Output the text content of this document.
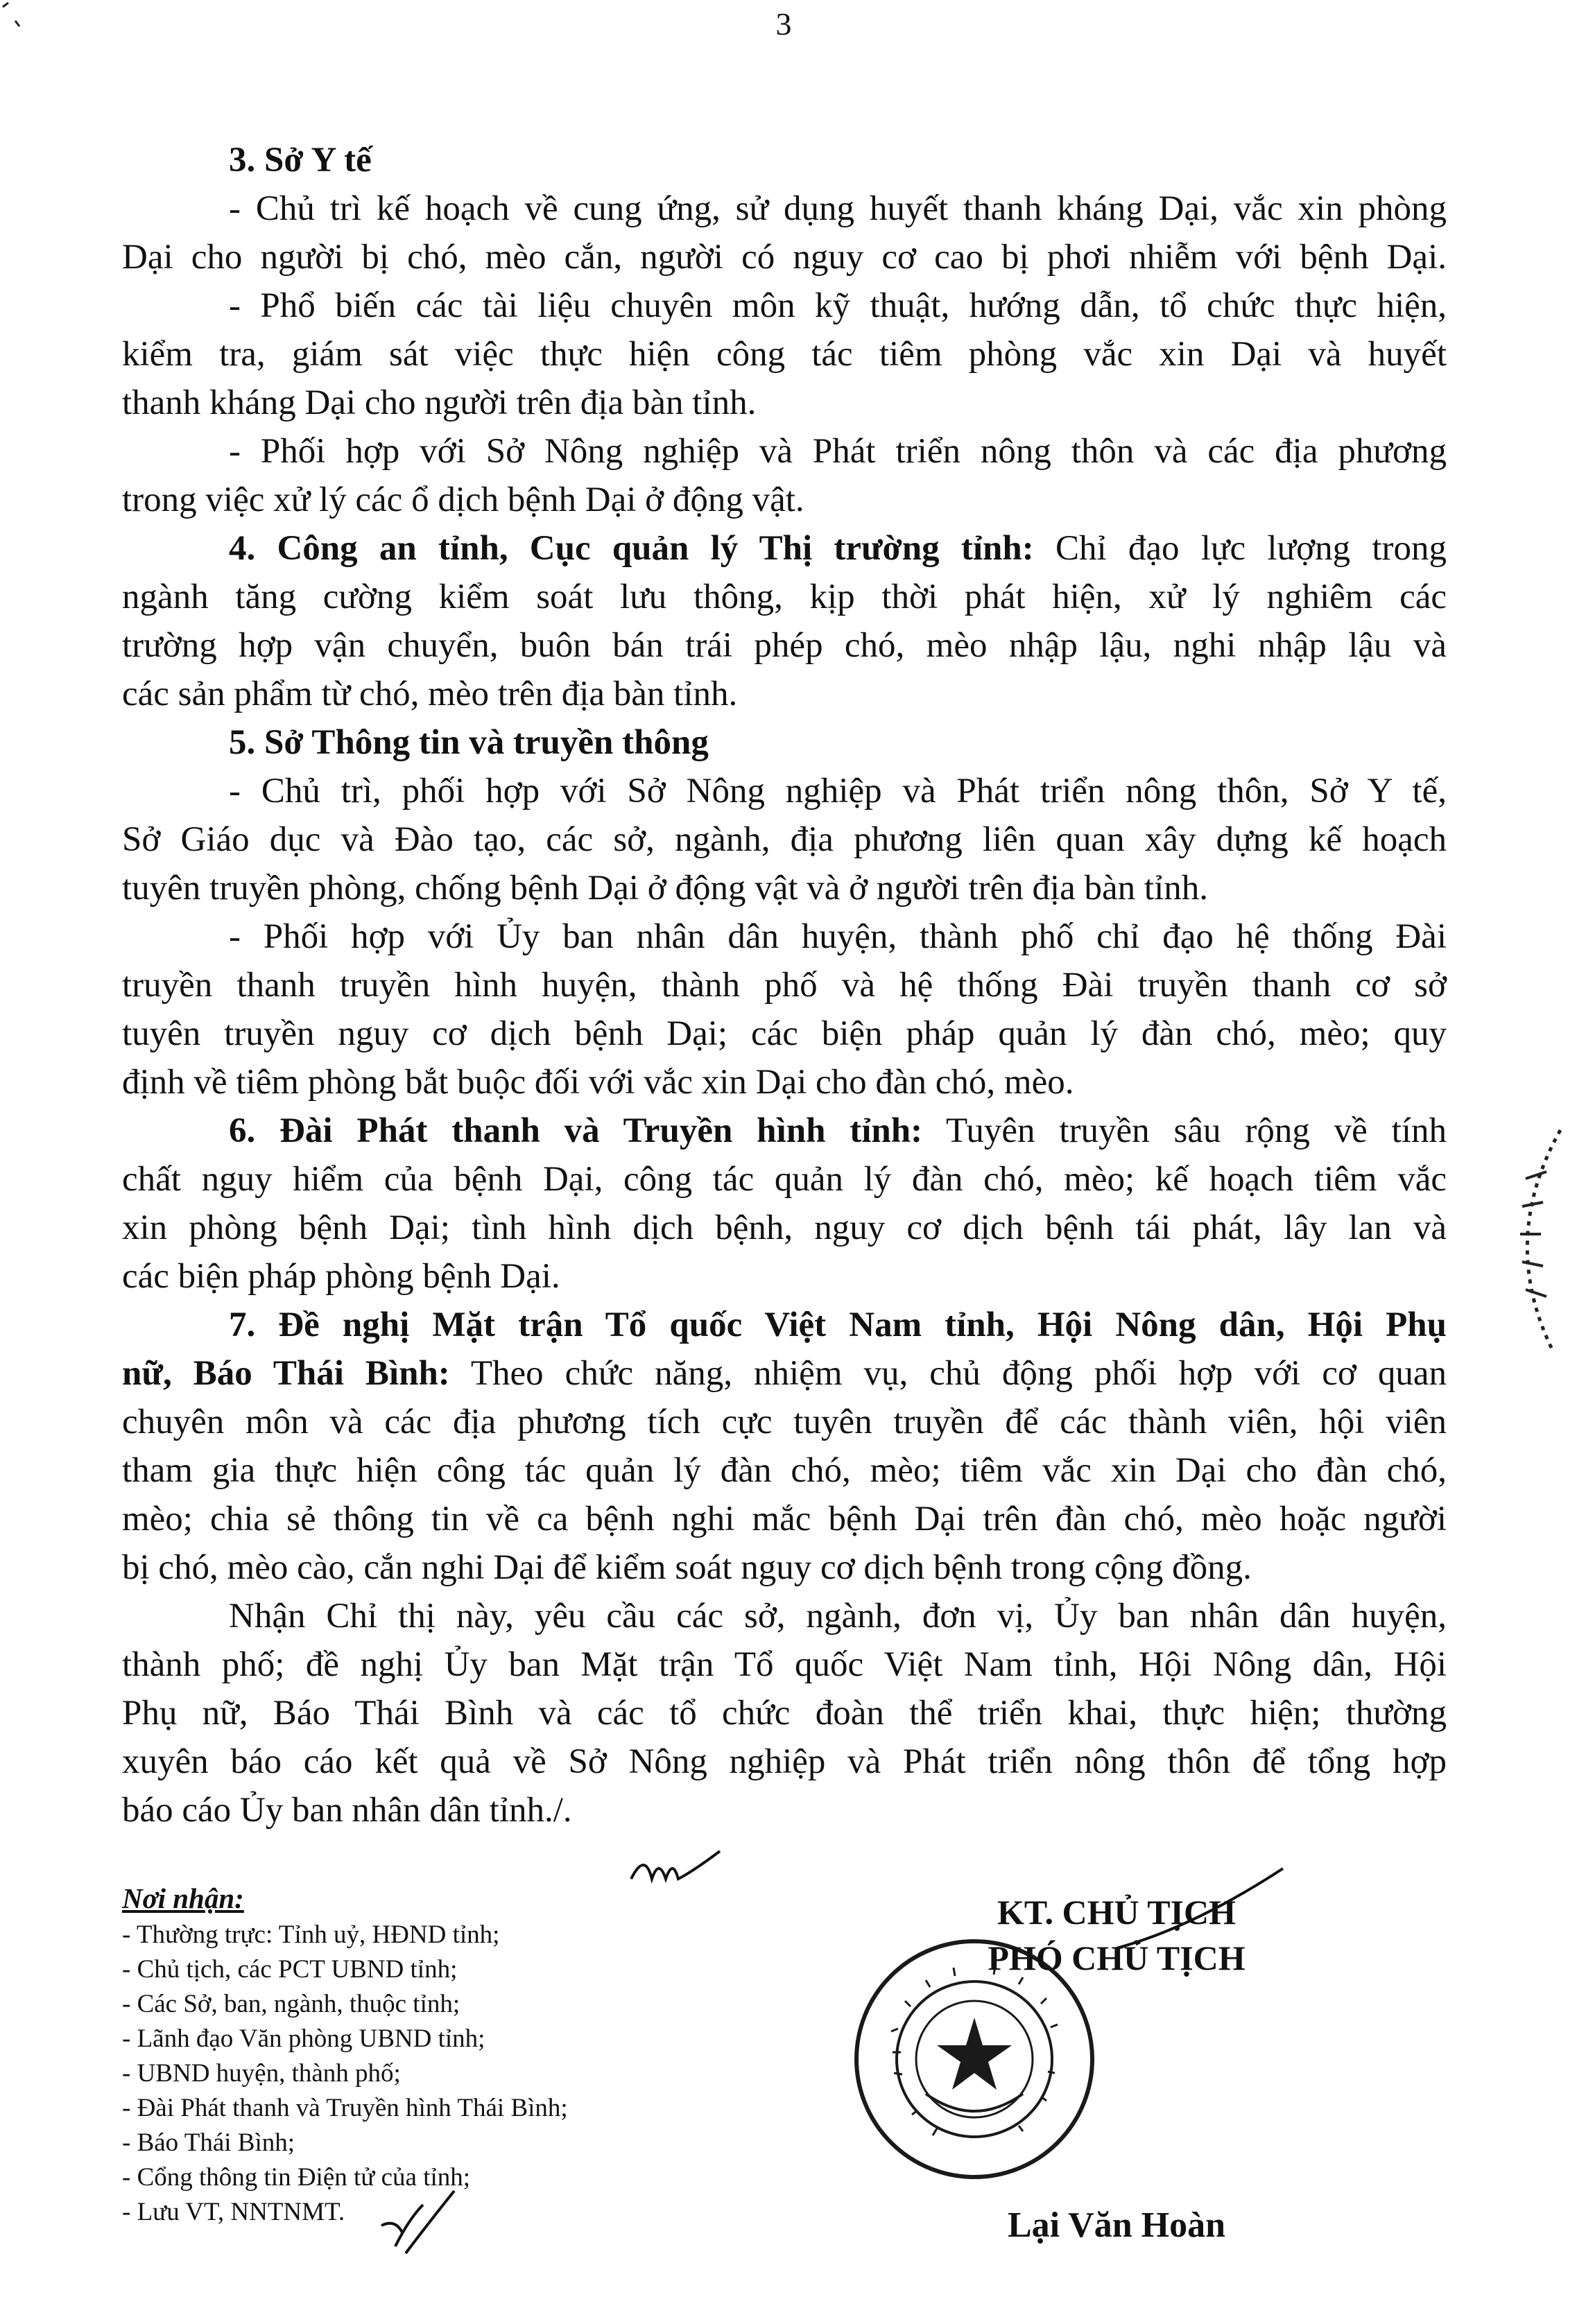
3
3. Sở Y tế
- Chủ trì kế hoạch về cung ứng, sử dụng huyết thanh kháng Dại, vắc xin phòng
Dại cho người bị chó, mèo cắn, người có nguy cơ cao bị phơi nhiễm với bệnh Dại.
- Phổ biến các tài liệu chuyên môn kỹ thuật, hướng dẫn, tổ chức thực hiện,
kiểm tra, giám sát việc thực hiện công tác tiêm phòng vắc xin Dại và huyết
thanh kháng Dại cho người trên địa bàn tỉnh.
- Phối hợp với Sở Nông nghiệp và Phát triển nông thôn và các địa phương
trong việc xử lý các ổ dịch bệnh Dại ở động vật.
4. Công an tỉnh, Cục quản lý Thị trường tỉnh: Chỉ đạo lực lượng trong
ngành tăng cường kiểm soát lưu thông, kịp thời phát hiện, xử lý nghiêm các
trường hợp vận chuyển, buôn bán trái phép chó, mèo nhập lậu, nghi nhập lậu và
các sản phẩm từ chó, mèo trên địa bàn tỉnh.
5. Sở Thông tin và truyền thông
- Chủ trì, phối hợp với Sở Nông nghiệp và Phát triển nông thôn, Sở Y tế,
Sở Giáo dục và Đào tạo, các sở, ngành, địa phương liên quan xây dựng kế hoạch
tuyên truyền phòng, chống bệnh Dại ở động vật và ở người trên địa bàn tỉnh.
- Phối hợp với Ủy ban nhân dân huyện, thành phố chỉ đạo hệ thống Đài
truyền thanh truyền hình huyện, thành phố và hệ thống Đài truyền thanh cơ sở
tuyên truyền nguy cơ dịch bệnh Dại; các biện pháp quản lý đàn chó, mèo; quy
định về tiêm phòng bắt buộc đối với vắc xin Dại cho đàn chó, mèo.
6. Đài Phát thanh và Truyền hình tỉnh: Tuyên truyền sâu rộng về tính
chất nguy hiểm của bệnh Dại, công tác quản lý đàn chó, mèo; kế hoạch tiêm vắc
xin phòng bệnh Dại; tình hình dịch bệnh, nguy cơ dịch bệnh tái phát, lây lan và
các biện pháp phòng bệnh Dại.
7. Đề nghị Mặt trận Tổ quốc Việt Nam tỉnh, Hội Nông dân, Hội Phụ
nữ, Báo Thái Bình: Theo chức năng, nhiệm vụ, chủ động phối hợp với cơ quan
chuyên môn và các địa phương tích cực tuyên truyền để các thành viên, hội viên
tham gia thực hiện công tác quản lý đàn chó, mèo; tiêm vắc xin Dại cho đàn chó,
mèo; chia sẻ thông tin về ca bệnh nghi mắc bệnh Dại trên đàn chó, mèo hoặc người
bị chó, mèo cào, cắn nghi Dại để kiểm soát nguy cơ dịch bệnh trong cộng đồng.
Nhận Chỉ thị này, yêu cầu các sở, ngành, đơn vị, Ủy ban nhân dân huyện,
thành phố; đề nghị Ủy ban Mặt trận Tổ quốc Việt Nam tỉnh, Hội Nông dân, Hội
Phụ nữ, Báo Thái Bình và các tổ chức đoàn thể triển khai, thực hiện; thường
xuyên báo cáo kết quả về Sở Nông nghiệp và Phát triển nông thôn để tổng hợp
báo cáo Ủy ban nhân dân tỉnh./.
Nơi nhận:
- Thường trực: Tỉnh uỷ, HĐND tỉnh;
- Chủ tịch, các PCT UBND tỉnh;
- Các Sở, ban, ngành, thuộc tỉnh;
- Lãnh đạo Văn phòng UBND tỉnh;
- UBND huyện, thành phố;
- Đài Phát thanh và Truyền hình Thái Bình;
- Báo Thái Bình;
- Cổng thông tin Điện tử của tỉnh;
- Lưu VT, NNTNMT.
KT. CHỦ TỊCH
PHÓ CHỦ TỊCH
Lại Văn Hoàn
